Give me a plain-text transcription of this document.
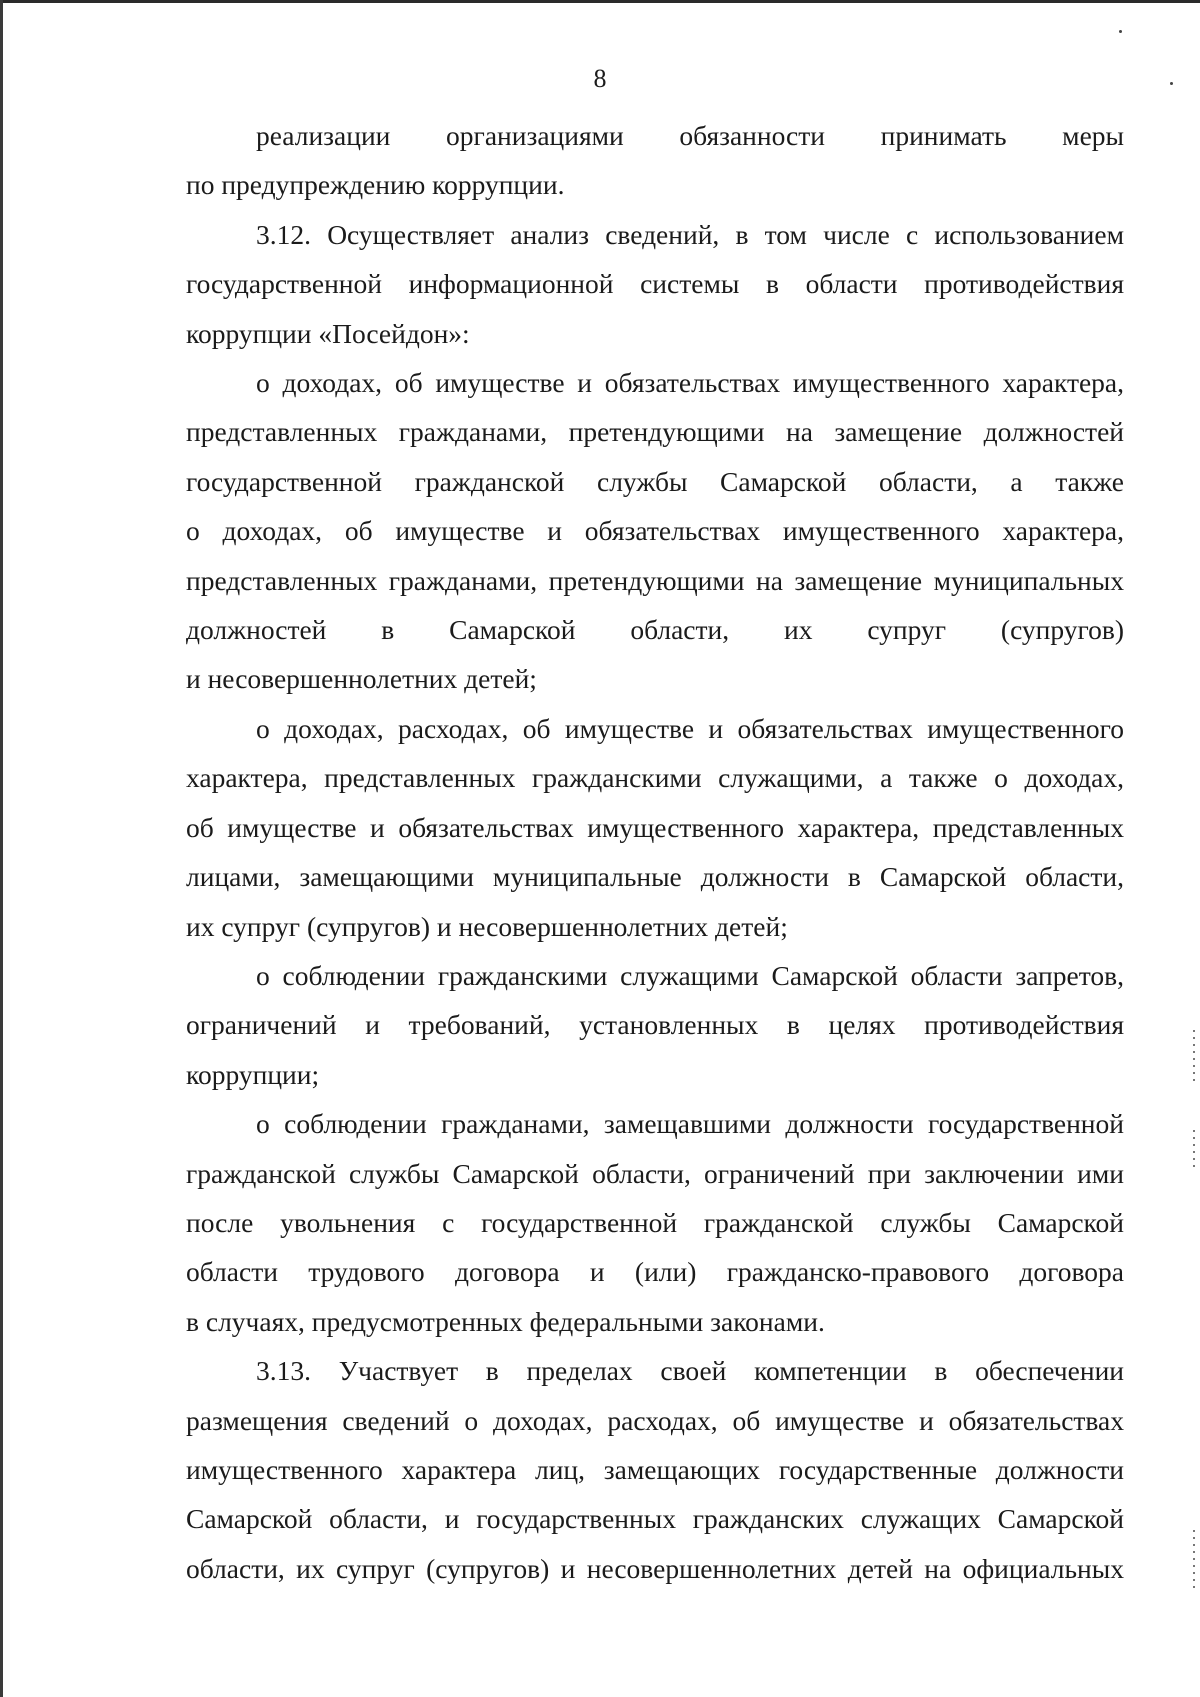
8
реализации организациями обязанности принимать меры
по предупреждению коррупции.
3.12. Осуществляет анализ сведений, в том числе с использованием
государственной информационной системы в области противодействия
коррупции «Посейдон»:
о доходах, об имуществе и обязательствах имущественного характера,
представленных гражданами, претендующими на замещение должностей
государственной гражданской службы Самарской области, а также
о доходах, об имуществе и обязательствах имущественного характера,
представленных гражданами, претендующими на замещение муниципальных
должностей в Самарской области, их супруг (супругов)
и несовершеннолетних детей;
о доходах, расходах, об имуществе и обязательствах имущественного
характера, представленных гражданскими служащими, а также о доходах,
об имуществе и обязательствах имущественного характера, представленных
лицами, замещающими муниципальные должности в Самарской области,
их супруг (супругов) и несовершеннолетних детей;
о соблюдении гражданскими служащими Самарской области запретов,
ограничений и требований, установленных в целях противодействия
коррупции;
о соблюдении гражданами, замещавшими должности государственной
гражданской службы Самарской области, ограничений при заключении ими
после увольнения с государственной гражданской службы Самарской
области трудового договора и (или) гражданско-правового договора
в случаях, предусмотренных федеральными законами.
3.13. Участвует в пределах своей компетенции в обеспечении
размещения сведений о доходах, расходах, об имуществе и обязательствах
имущественного характера лиц, замещающих государственные должности
Самарской области, и государственных гражданских служащих Самарской
области, их супруг (супругов) и несовершеннолетних детей на официальных
